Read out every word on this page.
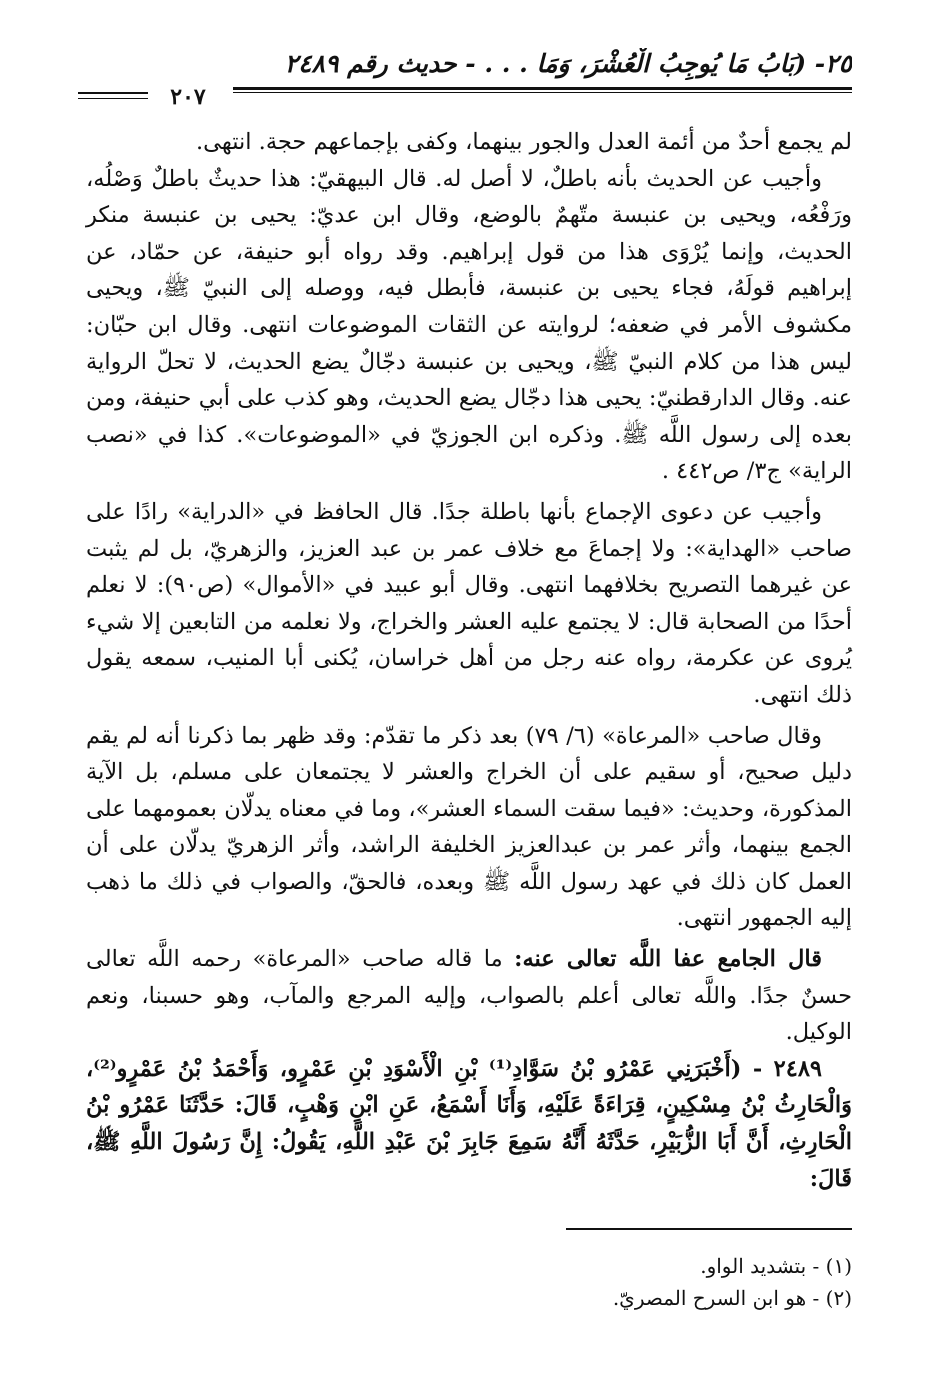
٢٥- (بَابُ مَا يُوجِبُ الْعُشْرَ، وَمَا . . . - حديث رقم ٢٤٨٩
٢٠٧

لم يجمع أحدٌ من أئمة العدل والجور بينهما، وكفى بإجماعهم حجة. انتهى.

وأجيب عن الحديث بأنه باطلٌ، لا أصل له. قال البيهقيّ: هذا حديثٌ باطلٌ وَصْلُه، ورَفْعُه، ويحيى بن عنبسة متّهمٌ بالوضع، وقال ابن عديّ: يحيى بن عنبسة منكر الحديث، وإنما يُرْوَى هذا من قول إبراهيم. وقد رواه أبو حنيفة، عن حمّاد، عن إبراهيم قولَهُ، فجاء يحيى بن عنبسة، فأبطل فيه، ووصله إلى النبيّ ﷺ، ويحيى مكشوف الأمر في ضعفه؛ لروايته عن الثقات الموضوعات انتهى. وقال ابن حبّان: ليس هذا من كلام النبيّ ﷺ، ويحيى بن عنبسة دجّالٌ يضع الحديث، لا تحلّ الرواية عنه. وقال الدارقطنيّ: يحيى هذا دجّال يضع الحديث، وهو كذب على أبي حنيفة، ومن بعده إلى رسول اللَّه ﷺ. وذكره ابن الجوزيّ في «الموضوعات». كذا في «نصب الراية» ج٣/ ص٤٤٢ .

وأجيب عن دعوى الإجماع بأنها باطلة جدًا. قال الحافظ في «الدراية» رادًا على صاحب «الهداية»: ولا إجماعَ مع خلاف عمر بن عبد العزيز، والزهريّ، بل لم يثبت عن غيرهما التصريح بخلافهما انتهى. وقال أبو عبيد في «الأموال» (ص٩٠): لا نعلم أحدًا من الصحابة قال: لا يجتمع عليه العشر والخراج، ولا نعلمه من التابعين إلا شيء يُروى عن عكرمة، رواه عنه رجل من أهل خراسان، يُكنى أبا المنيب، سمعه يقول ذلك انتهى.

وقال صاحب «المرعاة» (٦/ ٧٩) بعد ذكر ما تقدّم: وقد ظهر بما ذكرنا أنه لم يقم دليل صحيح، أو سقيم على أن الخراج والعشر لا يجتمعان على مسلم، بل الآية المذكورة، وحديث: «فيما سقت السماء العشر»، وما في معناه يدلّان بعمومهما على الجمع بينهما، وأثر عمر بن عبدالعزيز الخليفة الراشد، وأثر الزهريّ يدلّان على أن العمل كان ذلك في عهد رسول اللَّه ﷺ وبعده، فالحقّ، والصواب في ذلك ما ذهب إليه الجمهور انتهى.

قال الجامع عفا اللَّه تعالى عنه: ما قاله صاحب «المرعاة» رحمه اللَّه تعالى حسنٌ جدًا. واللَّه تعالى أعلم بالصواب، وإليه المرجع والمآب، وهو حسبنا، ونعم الوكيل.

٢٤٨٩ - (أَخْبَرَنِي عَمْرُو بْنُ سَوَّادِ⁽¹⁾ بْنِ الْأَسْوَدِ بْنِ عَمْرٍو، وَأَحْمَدُ بْنُ عَمْرٍو⁽²⁾، وَالْحَارِثُ بْنُ مِسْكِينٍ، قِرَاءَةً عَلَيْهِ، وَأَنَا أَسْمَعُ، عَنِ ابْنِ وَهْبٍ، قَالَ: حَدَّثَنَا عَمْرُو بْنُ الْحَارِثِ، أَنَّ أَبَا الزُّبَيْرِ، حَدَّثَهُ أَنَّهُ سَمِعَ جَابِرَ بْنَ عَبْدِ اللَّهِ، يَقُولُ: إِنَّ رَسُولَ اللَّهِ ﷺ، قَالَ:

(١) - بتشديد الواو.
(٢) - هو ابن السرح المصريّ.
